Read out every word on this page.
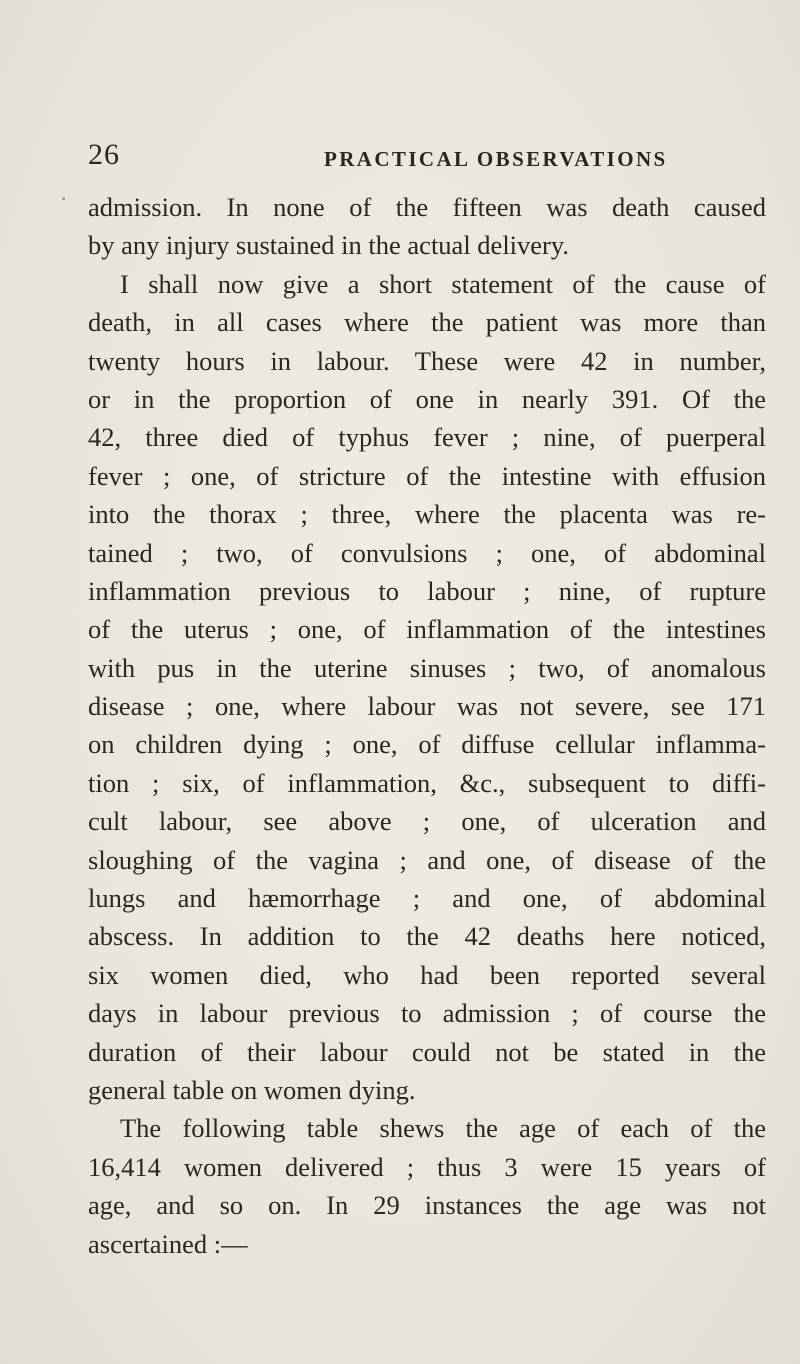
26	PRACTICAL OBSERVATIONS
· admission. In none of the fifteen was death caused
by any injury sustained in the actual delivery.
I shall now give a short statement of the cause of
death, in all cases where the patient was more than
twenty hours in labour. These were 42 in number,
or in the proportion of one in nearly 391. Of the
42, three died of typhus fever ; nine, of puerperal
fever ; one, of stricture of the intestine with effusion
into the thorax ; three, where the placenta was re-
tained ; two, of convulsions ; one, of abdominal
inflammation previous to labour ; nine, of rupture
of the uterus ; one, of inflammation of the intestines
with pus in the uterine sinuses ; two, of anomalous
disease ; one, where labour was not severe, see 171
on children dying ; one, of diffuse cellular inflamma-
tion ; six, of inflammation, &c., subsequent to diffi-
cult labour, see above ; one, of ulceration and
sloughing of the vagina ; and one, of disease of the
lungs and hæmorrhage ; and one, of abdominal
abscess. In addition to the 42 deaths here noticed,
six women died, who had been reported several
days in labour previous to admission ; of course the
duration of their labour could not be stated in the
general table on women dying.
The following table shews the age of each of the
16,414 women delivered ; thus 3 were 15 years of
age, and so on. In 29 instances the age was not
ascertained :—
